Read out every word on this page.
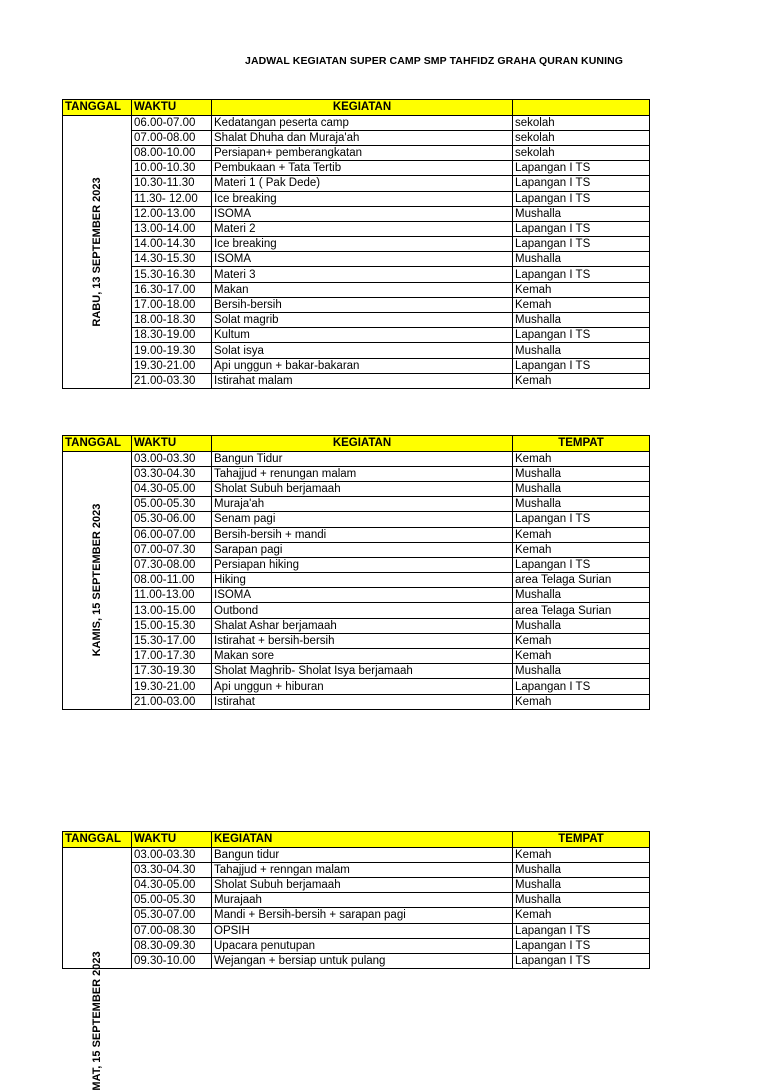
JADWAL KEGIATAN SUPER CAMP SMP TAHFIDZ GRAHA QURAN KUNING
TANGGAL	WAKTU	KEGIATAN	

RABU, 13 SEPTEMBER 2023	06.00-07.00	Kedatangan peserta camp	sekolah
	07.00-08.00	Shalat Dhuha dan Muraja'ah	sekolah
	08.00-10.00	Persiapan+ pemberangkatan	sekolah
	10.00-10.30	Pembukaan + Tata Tertib	Lapangan I TS
	10.30-11.30	Materi 1 ( Pak Dede)	Lapangan I TS
	11.30- 12.00	Ice breaking	Lapangan I TS
	12.00-13.00	ISOMA	Mushalla
	13.00-14.00	Materi 2	Lapangan I TS
	14.00-14.30	Ice breaking	Lapangan I TS
	14.30-15.30	ISOMA	Mushalla
	15.30-16.30	Materi 3	Lapangan I TS
	16.30-17.00	Makan	Kemah
	17.00-18.00	Bersih-bersih	Kemah
	18.00-18.30	Solat magrib	Mushalla
	18.30-19.00	Kultum	Lapangan I TS
	19.00-19.30	Solat isya	Mushalla
	19.30-21.00	Api unggun + bakar-bakaran	Lapangan I TS
	21.00-03.30	Istirahat malam	Kemah
TANGGAL	WAKTU	KEGIATAN	TEMPAT

KAMIS, 15 SEPTEMBER 2023	03.00-03.30	Bangun Tidur	Kemah
	03.30-04.30	Tahajjud + renungan malam	Mushalla
	04.30-05.00	Sholat Subuh berjamaah	Mushalla
	05.00-05.30	Muraja'ah	Mushalla
	05.30-06.00	Senam pagi	Lapangan I TS
	06.00-07.00	Bersih-bersih + mandi	Kemah
	07.00-07.30	Sarapan pagi	Kemah
	07.30-08.00	Persiapan hiking	Lapangan I TS
	08.00-11.00	Hiking	area Telaga Surian
	11.00-13.00	ISOMA	Mushalla
	13.00-15.00	Outbond	area Telaga Surian
	15.00-15.30	Shalat Ashar berjamaah	Mushalla
	15.30-17.00	Istirahat + bersih-bersih	Kemah
	17.00-17.30	Makan sore	Kemah
	17.30-19.30	Sholat Maghrib- Sholat Isya berjamaah	Mushalla
	19.30-21.00	Api unggun + hiburan	Lapangan I TS
	21.00-03.00	Istirahat	Kemah
TANGGAL	WAKTU	KEGIATAN	TEMPAT

MAT, 15 SEPTEMBER 2023	03.00-03.30	Bangun tidur	Kemah
	03.30-04.30	Tahajjud + renngan malam	Mushalla
	04.30-05.00	Sholat Subuh berjamaah	Mushalla
	05.00-05.30	Murajaah	Mushalla
	05.30-07.00	Mandi + Bersih-bersih + sarapan pagi	Kemah
	07.00-08.30	OPSIH	Lapangan I TS
	08.30-09.30	Upacara penutupan	Lapangan I TS
	09.30-10.00	Wejangan + bersiap untuk pulang	Lapangan I TS
